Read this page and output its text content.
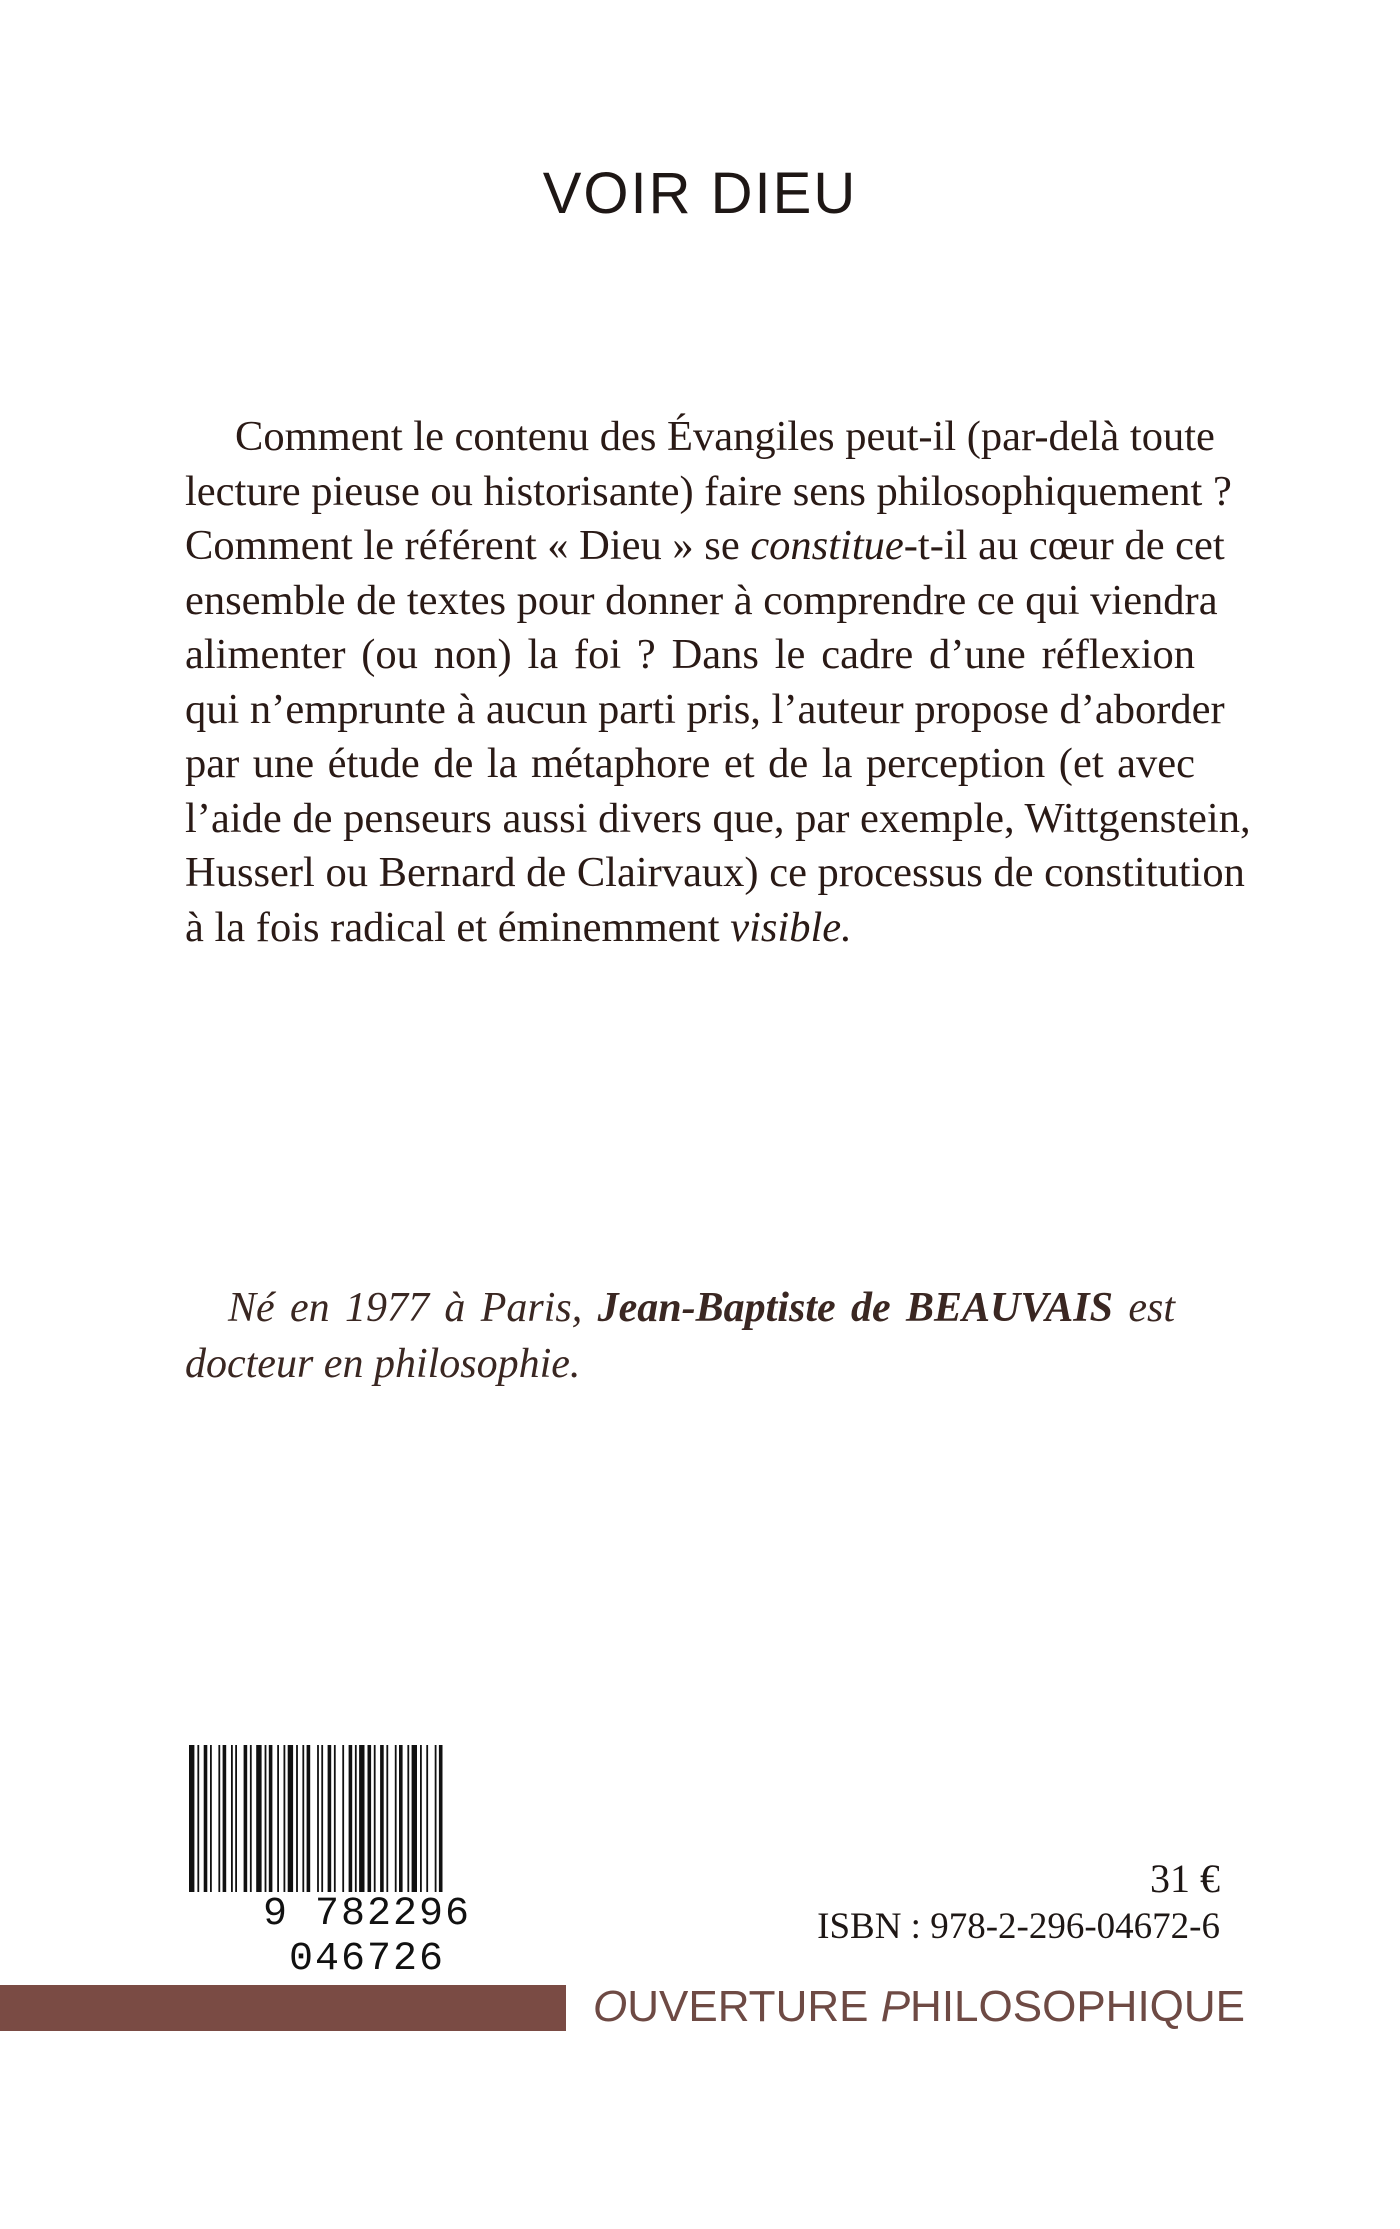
VOIR DIEU

Comment le contenu des Évangiles peut-il (par-delà toute
lecture pieuse ou historisante) faire sens philosophiquement ?
Comment le référent « Dieu » se constitue-t-il au cœur de cet
ensemble de textes pour donner à comprendre ce qui viendra
alimenter (ou non) la foi ? Dans le cadre d’une réflexion
qui n’emprunte à aucun parti pris, l’auteur propose d’aborder
par une étude de la métaphore et de la perception (et avec
l’aide de penseurs aussi divers que, par exemple, Wittgenstein,
Husserl ou Bernard de Clairvaux) ce processus de constitution
à la fois radical et éminemment visible.

Né en 1977 à Paris, Jean-Baptiste de BEAUVAIS est
docteur en philosophie.
9 782296 046726
31 €
ISBN : 978-2-296-04672-6
OUVERTURE PHILOSOPHIQUE
